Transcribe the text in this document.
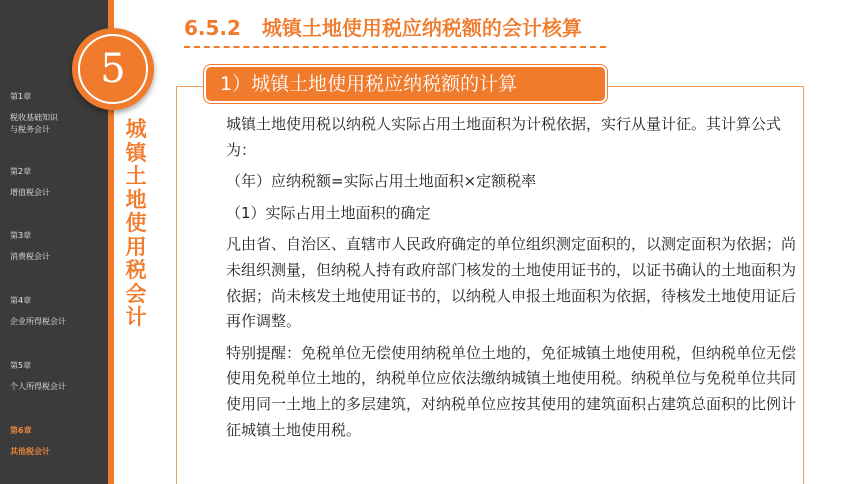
第1章
税收基础知识
与税务会计
第2章
增值税会计
第3章
消费税会计
第4章
企业所得税会计
第5章
个人所得税会计
第6章
其他税会计
5
城
镇
土
地
使
用
税
会
计
6.5.2 城镇土地使用税应纳税额的会计核算
1）城镇土地使用税应纳税额的计算

城镇土地使用税以纳税人实际占用土地面积为计税依据，实行从量计征。其计算公式为：

（年）应纳税额=实际占用土地面积×定额税率

（1）实际占用土地面积的确定

凡由省、自治区、直辖市人民政府确定的单位组织测定面积的，以测定面积为依据；尚未组织测量，但纳税人持有政府部门核发的土地使用证书的，以证书确认的土地面积为依据；尚未核发土地使用证书的，以纳税人申报土地面积为依据，待核发土地使用证后再作调整。

特别提醒：免税单位无偿使用纳税单位土地的，免征城镇土地使用税，但纳税单位无偿使用免税单位土地的，纳税单位应依法缴纳城镇土地使用税。纳税单位与免税单位共同使用同一土地上的多层建筑，对纳税单位应按其使用的建筑面积占建筑总面积的比例计征城镇土地使用税。
